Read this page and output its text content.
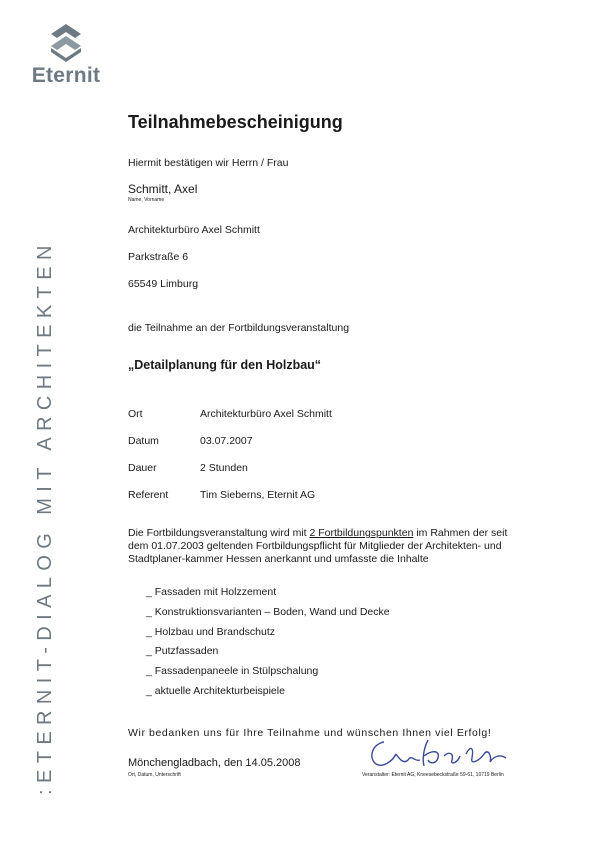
Eternit
:ETERNIT-DIALOG MIT ARCHITEKTEN
Teilnahmebescheinigung
Hiermit bestätigen wir Herrn / Frau
Schmitt, Axel
Name, Vorname
Architekturbüro Axel Schmitt
Parkstraße 6
65549 Limburg
die Teilnahme an der Fortbildungsveranstaltung
„Detailplanung für den Holzbau“
Ort	Architekturbüro Axel Schmitt
Datum	03.07.2007
Dauer	2 Stunden
Referent	Tim Sieberns, Eternit AG
Die Fortbildungsveranstaltung wird mit 2 Fortbildungspunkten im Rahmen der seit dem 01.07.2003 geltenden Fortbildungspflicht für Mitglieder der Architekten- und Stadtplaner-kammer Hessen anerkannt und umfasste die Inhalte
_ Fassaden mit Holzzement
_ Konstruktionsvarianten – Boden, Wand und Decke
_ Holzbau und Brandschutz
_ Putzfassaden
_ Fassadenpaneele in Stülpschalung
_ aktuelle Architekturbeispiele
Wir bedanken uns für Ihre Teilnahme und wünschen Ihnen viel Erfolg!
Mönchengladbach, den 14.05.2008
Ort, Datum, Unterschrift	Veranstalter: Eternit AG, Kneesebeckstraße 59-61, 10719 Berlin
